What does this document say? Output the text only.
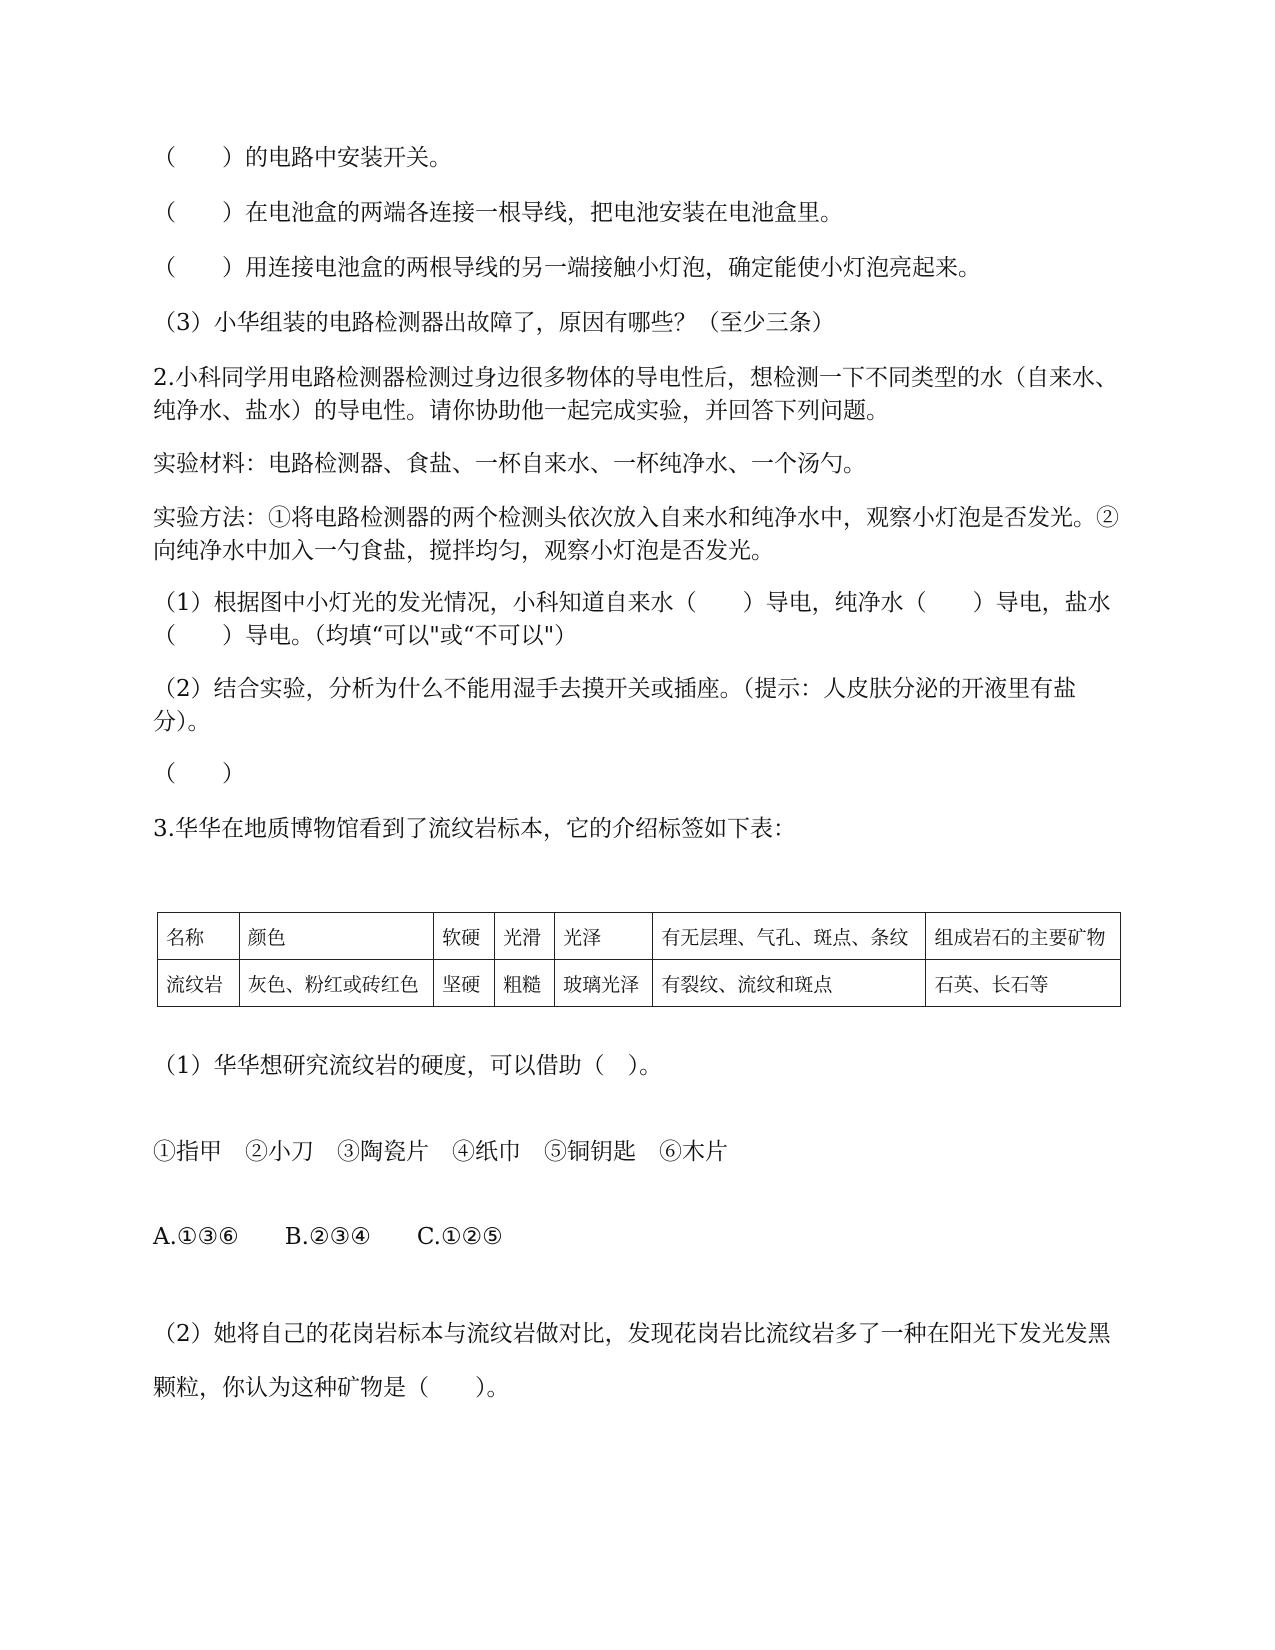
（　　）的电路中安装开关。

（　　）在电池盒的两端各连接一根导线，把电池安装在电池盒里。

（　　）用连接电池盒的两根导线的另一端接触小灯泡，确定能使小灯泡亮起来。

（3）小华组装的电路检测器出故障了，原因有哪些？（至少三条）

2.小科同学用电路检测器检测过身边很多物体的导电性后，想检测一下不同类型的水（自来水、纯净水、盐水）的导电性。请你协助他一起完成实验，并回答下列问题。

实验材料：电路检测器、食盐、一杯自来水、一杯纯净水、一个汤勺。

实验方法：①将电路检测器的两个检测头依次放入自来水和纯净水中，观察小灯泡是否发光。②向纯净水中加入一勺食盐，搅拌均匀，观察小灯泡是否发光。

（1）根据图中小灯光的发光情况，小科知道自来水（　　）导电，纯净水（　　）导电，盐水（　　）导电。（均填“可以"或“不可以"）

（2）结合实验，分析为什么不能用湿手去摸开关或插座。（提示：人皮肤分泌的开液里有盐分）。

（　　）

3.华华在地质博物馆看到了流纹岩标本，它的介绍标签如下表：

名称	颜色	软硬	光滑	光泽	有无层理、气孔、斑点、条纹	组成岩石的主要矿物
流纹岩	灰色、粉红或砖红色	坚硬	粗糙	玻璃光泽	有裂纹、流纹和斑点	石英、长石等

（1）华华想研究流纹岩的硬度，可以借助（　）。

①指甲　②小刀　③陶瓷片　④纸巾　⑤铜钥匙　⑥木片

A.①③⑥　　B.②③④　　C.①②⑤

（2）她将自己的花岗岩标本与流纹岩做对比，发现花岗岩比流纹岩多了一种在阳光下发光发黑颗粒，你认为这种矿物是（　　）。
